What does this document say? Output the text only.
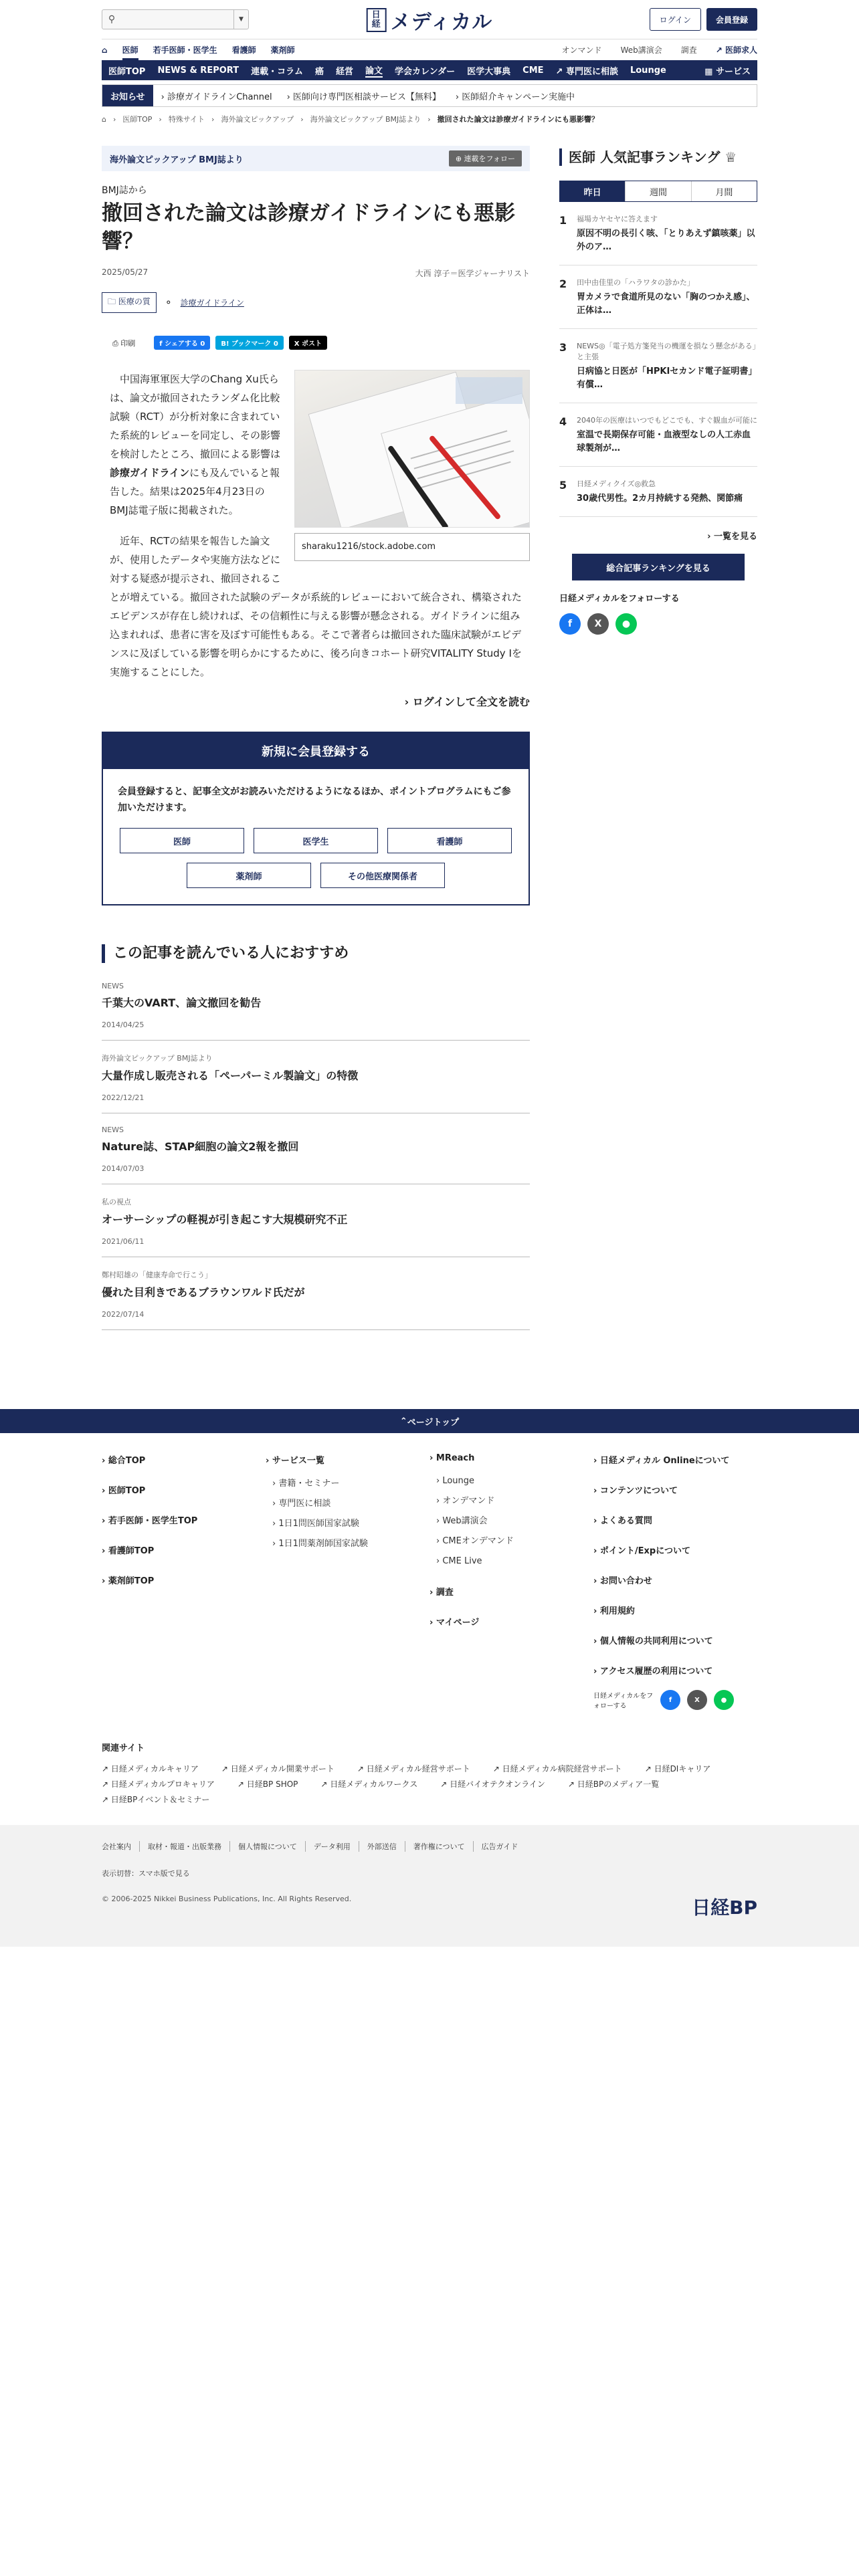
⚲	▼	日経 メディカル	ログイン	会員登録
⌂ 医師 若手医師・医学生 看護師 薬剤師	オンマンド Web講演会 調査 ↗ 医師求人
医師TOP NEWS & REPORT 連載・コラム 癌 経営 論文 学会カレンダー 医学大事典 CME ↗ 専門医に相談 Lounge	▦ サービス
お知らせ	› 診療ガイドラインChannel › 医師向け専門医相談サービス【無料】 › 医師紹介キャンペーン実施中
⌂ › 医師TOP › 特殊サイト › 海外論文ピックアップ › 海外論文ピックアップ BMJ誌より › 撤回された論文は診療ガイドラインにも悪影響？
海外論文ピックアップ BMJ誌より	⊕ 連載をフォロー
BMJ誌から
撤回された論文は診療ガイドラインにも悪影響？
2025/05/27	大西 淳子＝医学ジャーナリスト
🗀 医療の質	⚬ 診療ガイドライン
⎙ 印刷	f シェアする 0	B! ブックマーク 0	X ポスト
sharaku1216/stock.adobe.com

中国海軍軍医大学のChang Xu氏らは、論文が撤回されたランダム化比較試験（RCT）が分析対象に含まれていた系統的レビューを同定し、その影響を検討したところ、撤回による影響は診療ガイドラインにも及んでいると報告した。結果は2025年4月23日のBMJ誌電子版に掲載された。

近年、RCTの結果を報告した論文が、使用したデータや実施方法などに対する疑惑が提示され、撤回されることが増えている。撤回された試験のデータが系統的レビューにおいて統合され、構築されたエビデンスが存在し続ければ、その信頼性に与える影響が懸念される。ガイドラインに組み込まれれば、患者に害を及ぼす可能性もある。そこで著者らは撤回された臨床試験がエビデンスに及ぼしている影響を明らかにするために、後ろ向きコホート研究VITALITY Study Iを実施することにした。

› ログインして全文を読む
新規に会員登録する
会員登録すると、記事全文がお読みいただけるようになるほか、ポイントプログラムにもご参加いただけます。
医師	医学生	看護師
薬剤師	その他医療関係者
この記事を読んでいる人におすすめ
NEWS
千葉大のVART、論文撤回を勧告
2014/04/25
海外論文ピックアップ BMJ誌より
大量作成し販売される「ペーパーミル製論文」の特徴
2022/12/21
NEWS
Nature誌、STAP細胞の論文2報を撤回
2014/07/03
私の視点
オーサーシップの軽視が引き起こす大規模研究不正
2021/06/11
鄭村昭雄の「健康寿命で行こう」
優れた目利きであるブラウンワルド氏だが
2022/07/14
医師 人気記事ランキング ♕
昨日	週間	月間
1 福場カヤセヤに答えます
原因不明の長引く咳、「とりあえず鎮咳薬」以外のア…
2 田中由佳里の「ハラワタの診かた」
胃カメラで食道所見のない「胸のつかえ感」、正体は…
3 NEWS◎「電子処方箋発当の機運を損なう懸念がある」と主張
日病協と日医が「HPKIセカンド電子証明書」有償…
4 2040年の医療はいつでもどこでも、すぐ観血が可能に
室温で長期保存可能・血液型なしの人工赤血球製剤が…
5 日経メディクイズ◎救急
30歳代男性。2カ月持続する発熱、関節痛
› 一覧を見る
総合記事ランキングを見る
日経メディカルをフォローする
f	X	●
⌃ ページトップ
› 総合TOP
› 医師TOP
› 若手医師・医学生TOP
› 看護師TOP
› 薬剤師TOP
› サービス一覧
› 書籍・セミナー
› 専門医に相談
› 1日1問医師国家試験
› 1日1問薬剤師国家試験
› MReach
› Lounge
› オンデマンド
› Web講演会
› CMEオンデマンド
› CME Live
› 調査
› マイページ
› 日経メディカル Onlineについて
› コンテンツについて
› よくある質問
› ポイント/Expについて
› お問い合わせ
› 利用規約
› 個人情報の共同利用について
› アクセス履歴の利用について
日経メディカルをフォローする
f	X	●
関連サイト
↗ 日経メディカルキャリア	↗ 日経メディカル開業サポート	↗ 日経メディカル経営サポート	↗ 日経メディカル病院経営サポート	↗ 日経DIキャリア
↗ 日経メディカルプロキャリア	↗ 日経BP SHOP	↗ 日経メディカルワークス	↗ 日経バイオテクオンライン	↗ 日経BPのメディア一覧
↗ 日経BPイベント＆セミナー
会社案内	取材・報道・出版業務	個人情報について	データ利用	外部送信	著作権について	広告ガイド
表示切替：スマホ版で見る
© 2006-2025 Nikkei Business Publications, Inc. All Rights Reserved.	日経BP
